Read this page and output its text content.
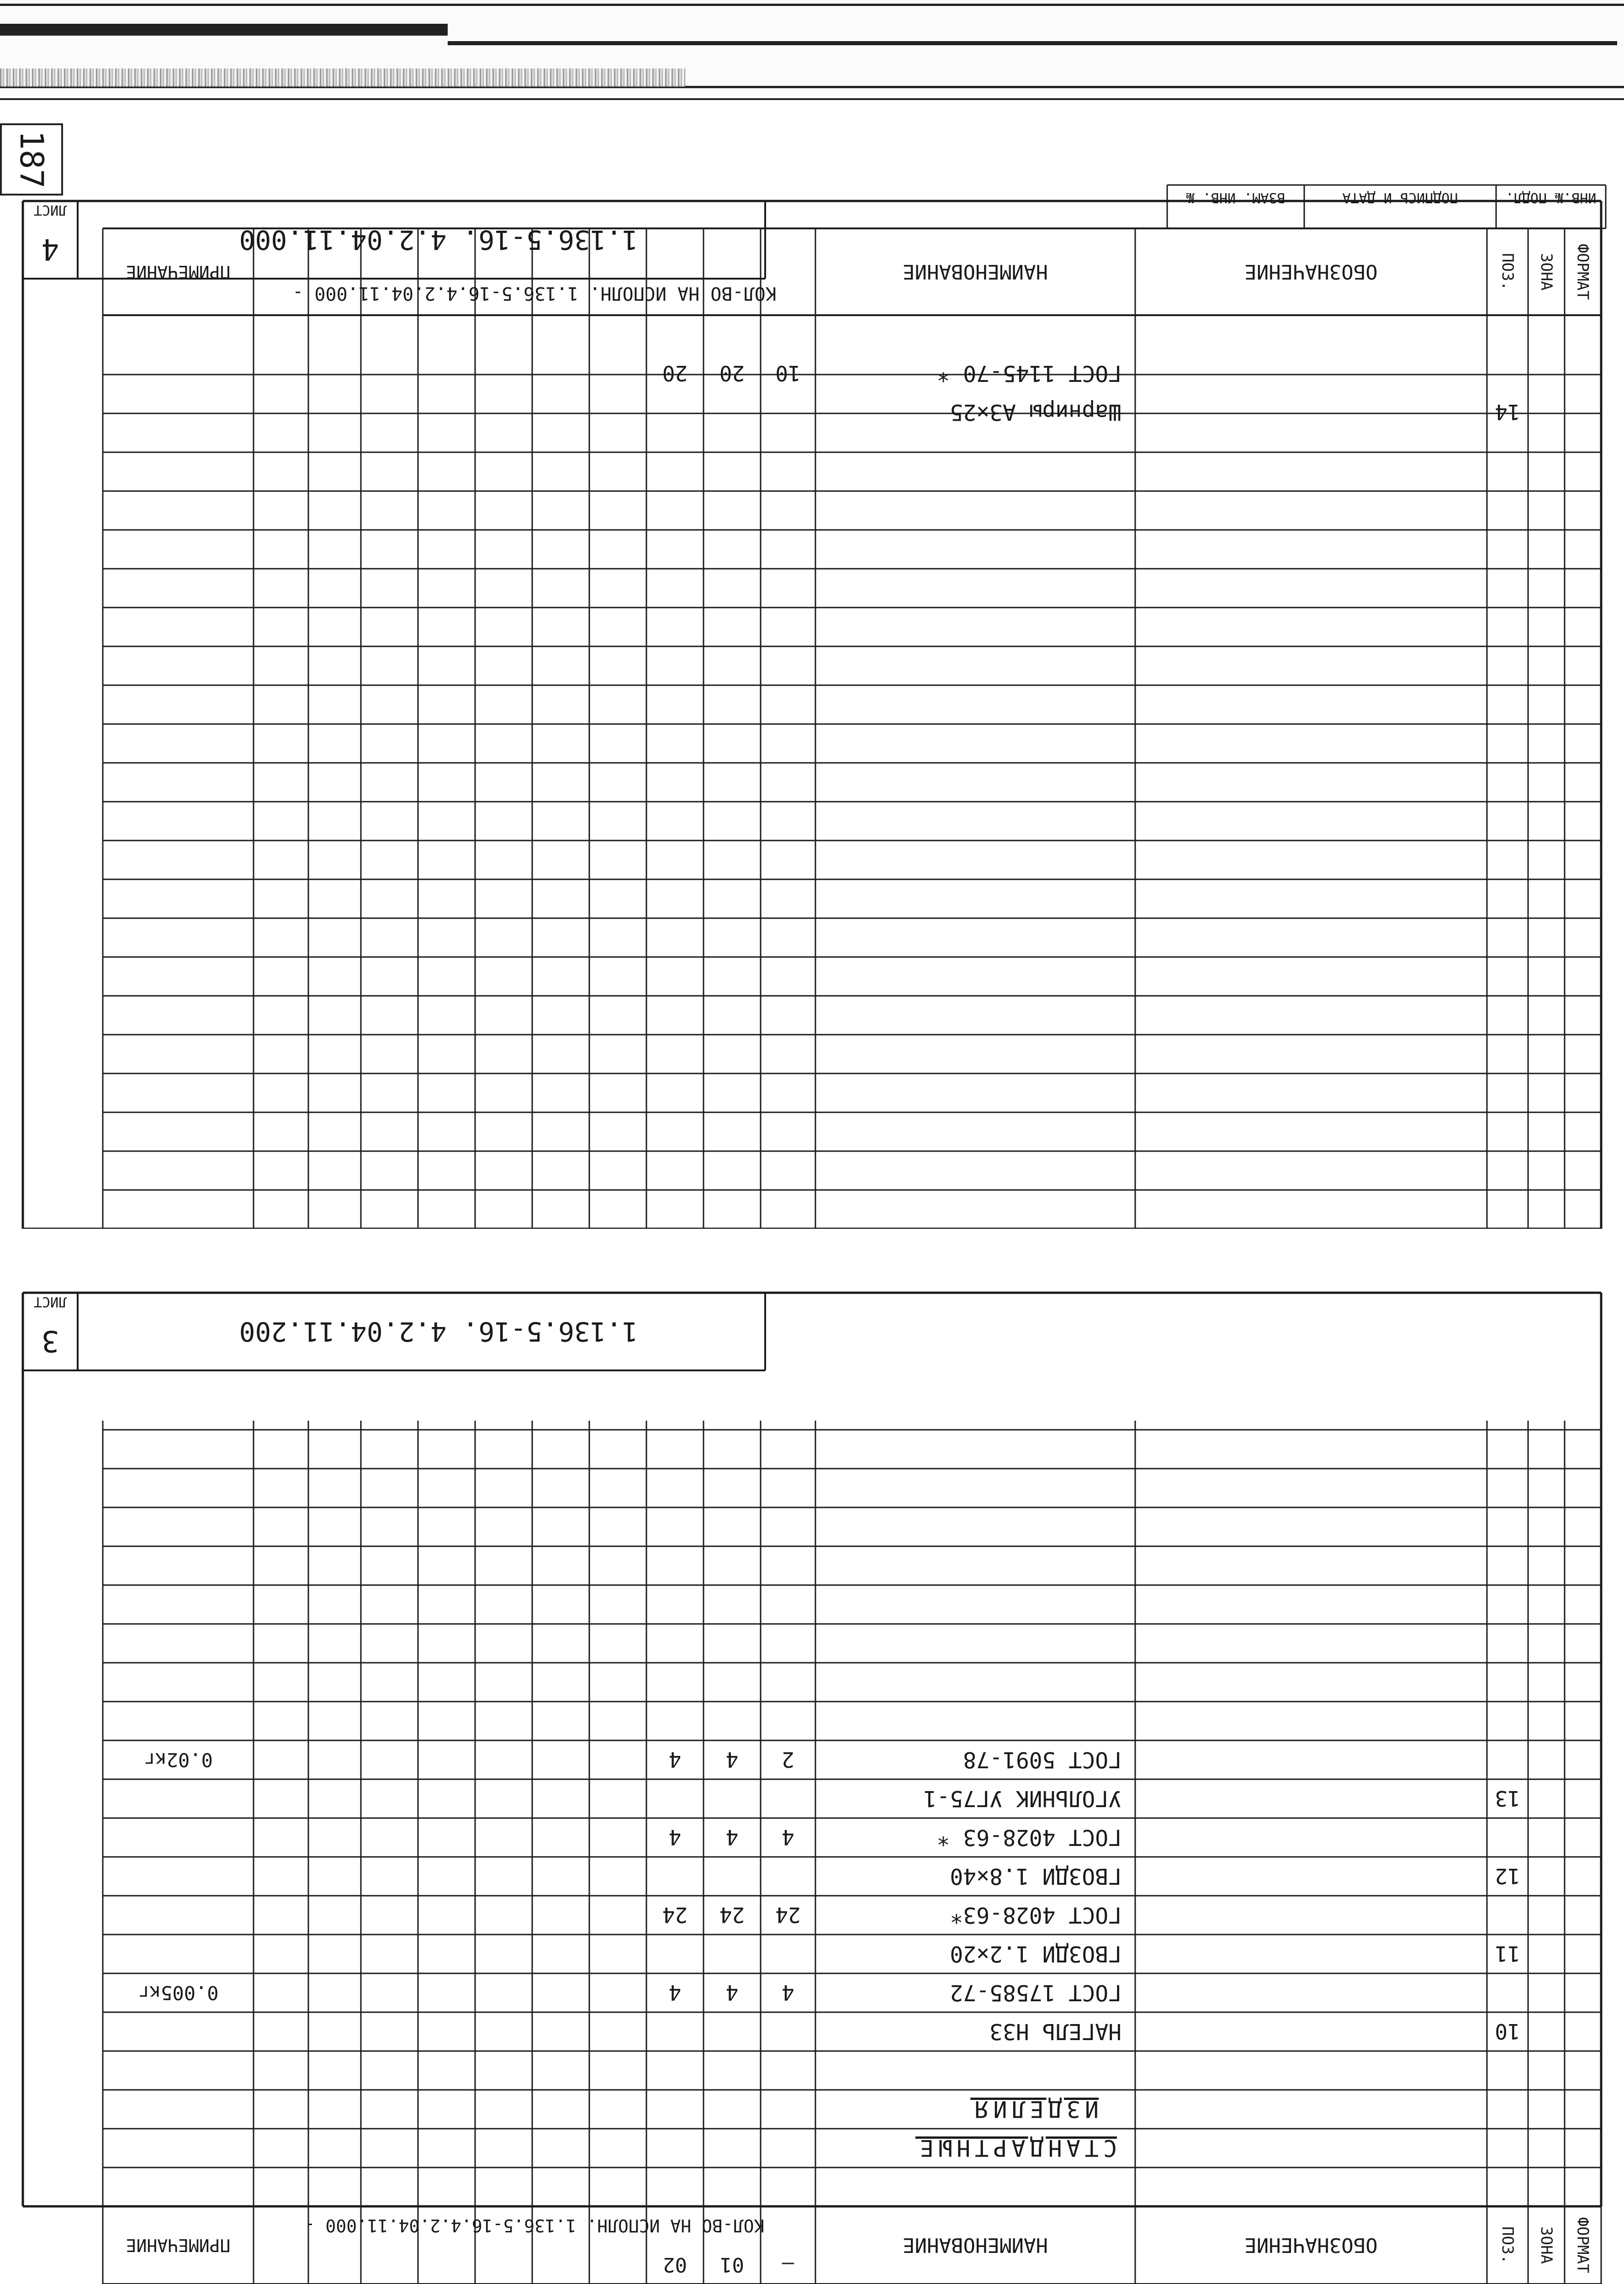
187
1.136.5-16. 4.2.04.11.000
ЛИСТ
4	ФОРМАТ
ЗОНА
ПОЗ.
ОБОЗНАЧЕНИЕ
НАИМЕНОВАНИЕ
КОЛ-ВО НА ИСПОЛН. 1.136.5-16.4.2.04.11.000 -
ПРИМЕЧАНИЕ
ИНВ.№ ПОДЛ.
ПОДПИСЬ И ДАТА
ВЗАМ. ИНВ. №
14
Шарниры А3×25
ГОСТ 1145-70 *
10
20
20
1.136.5-16. 4.2.04.11.200
ЛИСТ
3
ФОРМАТ
ЗОНА
ПОЗ.
ОБОЗНАЧЕНИЕ
НАИМЕНОВАНИЕ
КОЛ-ВО НА ИСПОЛН. 1.136.5-16.4.2.04.11.000 -
–
01
02
ПРИМЕЧАНИЕ
СТАНДАРТНЫЕ
ИЗДЕЛИЯ
10
НАГЕЛЬ Н33
ГОСТ 17585-72
4
4
4
0.005кг
11
ГВОЗДИ 1.2×20
ГОСТ 4028-63*
24
24
24
12
ГВОЗДИ 1.8×40
ГОСТ 4028-63 *
4
4
4
13
УГОЛЬНИК УГ75-1
ГОСТ 5091-78
2
4
4
0.02кг
